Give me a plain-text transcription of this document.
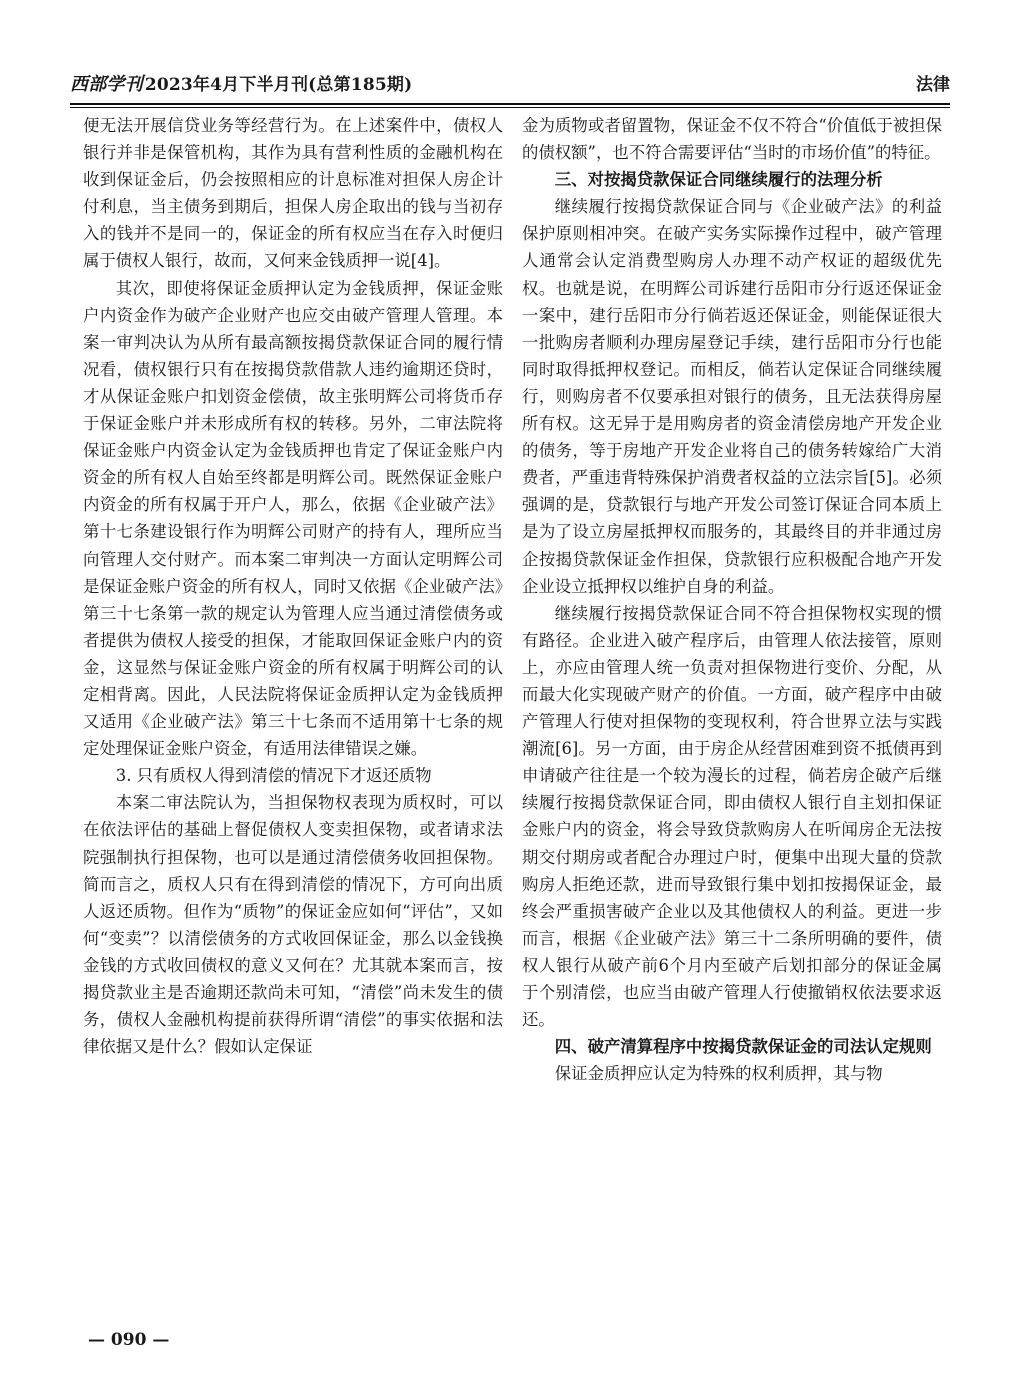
西部学刊 2023年4月下半月刊(总第185期)	法律

便无法开展信贷业务等经营行为。在上述案件中，债权人银行并非是保管机构，其作为具有营利性质的金融机构在收到保证金后，仍会按照相应的计息标准对担保人房企计付利息，当主债务到期后，担保人房企取出的钱与当初存入的钱并不是同一的，保证金的所有权应当在存入时便归属于债权人银行，故而，又何来金钱质押一说[4]。

其次，即使将保证金质押认定为金钱质押，保证金账户内资金作为破产企业财产也应交由破产管理人管理。本案一审判决认为从所有最高额按揭贷款保证合同的履行情况看，债权银行只有在按揭贷款借款人违约逾期还贷时，才从保证金账户扣划资金偿债，故主张明辉公司将货币存于保证金账户并未形成所有权的转移。另外，二审法院将保证金账户内资金认定为金钱质押也肯定了保证金账户内资金的所有权人自始至终都是明辉公司。既然保证金账户内资金的所有权属于开户人，那么，依据《企业破产法》第十七条建设银行作为明辉公司财产的持有人，理所应当向管理人交付财产。而本案二审判决一方面认定明辉公司是保证金账户资金的所有权人，同时又依据《企业破产法》第三十七条第一款的规定认为管理人应当通过清偿债务或者提供为债权人接受的担保，才能取回保证金账户内的资金，这显然与保证金账户资金的所有权属于明辉公司的认定相背离。因此，人民法院将保证金质押认定为金钱质押又适用《企业破产法》第三十七条而不适用第十七条的规定处理保证金账户资金，有适用法律错误之嫌。

3. 只有质权人得到清偿的情况下才返还质物

本案二审法院认为，当担保物权表现为质权时，可以在依法评估的基础上督促债权人变卖担保物，或者请求法院强制执行担保物，也可以是通过清偿债务收回担保物。简而言之，质权人只有在得到清偿的情况下，方可向出质人返还质物。但作为“质物”的保证金应如何“评估”，又如何“变卖”？以清偿债务的方式收回保证金，那么以金钱换金钱的方式收回债权的意义又何在？尤其就本案而言，按揭贷款业主是否逾期还款尚未可知，“清偿”尚未发生的债务，债权人金融机构提前获得所谓“清偿”的事实依据和法律依据又是什么？假如认定保证

金为质物或者留置物，保证金不仅不符合“价值低于被担保的债权额”，也不符合需要评估“当时的市场价值”的特征。

三、对按揭贷款保证合同继续履行的法理分析

继续履行按揭贷款保证合同与《企业破产法》的利益保护原则相冲突。在破产实务实际操作过程中，破产管理人通常会认定消费型购房人办理不动产权证的超级优先权。也就是说，在明辉公司诉建行岳阳市分行返还保证金一案中，建行岳阳市分行倘若返还保证金，则能保证很大一批购房者顺利办理房屋登记手续，建行岳阳市分行也能同时取得抵押权登记。而相反，倘若认定保证合同继续履行，则购房者不仅要承担对银行的债务，且无法获得房屋所有权。这无异于是用购房者的资金清偿房地产开发企业的债务，等于房地产开发企业将自己的债务转嫁给广大消费者，严重违背特殊保护消费者权益的立法宗旨[5]。必须强调的是，贷款银行与地产开发公司签订保证合同本质上是为了设立房屋抵押权而服务的，其最终目的并非通过房企按揭贷款保证金作担保，贷款银行应积极配合地产开发企业设立抵押权以维护自身的利益。

继续履行按揭贷款保证合同不符合担保物权实现的惯有路径。企业进入破产程序后，由管理人依法接管，原则上，亦应由管理人统一负责对担保物进行变价、分配，从而最大化实现破产财产的价值。一方面，破产程序中由破产管理人行使对担保物的变现权利，符合世界立法与实践潮流[6]。另一方面，由于房企从经营困难到资不抵债再到申请破产往往是一个较为漫长的过程，倘若房企破产后继续履行按揭贷款保证合同，即由债权人银行自主划扣保证金账户内的资金，将会导致贷款购房人在听闻房企无法按期交付期房或者配合办理过户时，便集中出现大量的贷款购房人拒绝还款，进而导致银行集中划扣按揭保证金，最终会严重损害破产企业以及其他债权人的利益。更进一步而言，根据《企业破产法》第三十二条所明确的要件，债权人银行从破产前6个月内至破产后划扣部分的保证金属于个别清偿，也应当由破产管理人行使撤销权依法要求返还。

四、破产清算程序中按揭贷款保证金的司法认定规则

保证金质押应认定为特殊的权利质押，其与物

— 090 —
